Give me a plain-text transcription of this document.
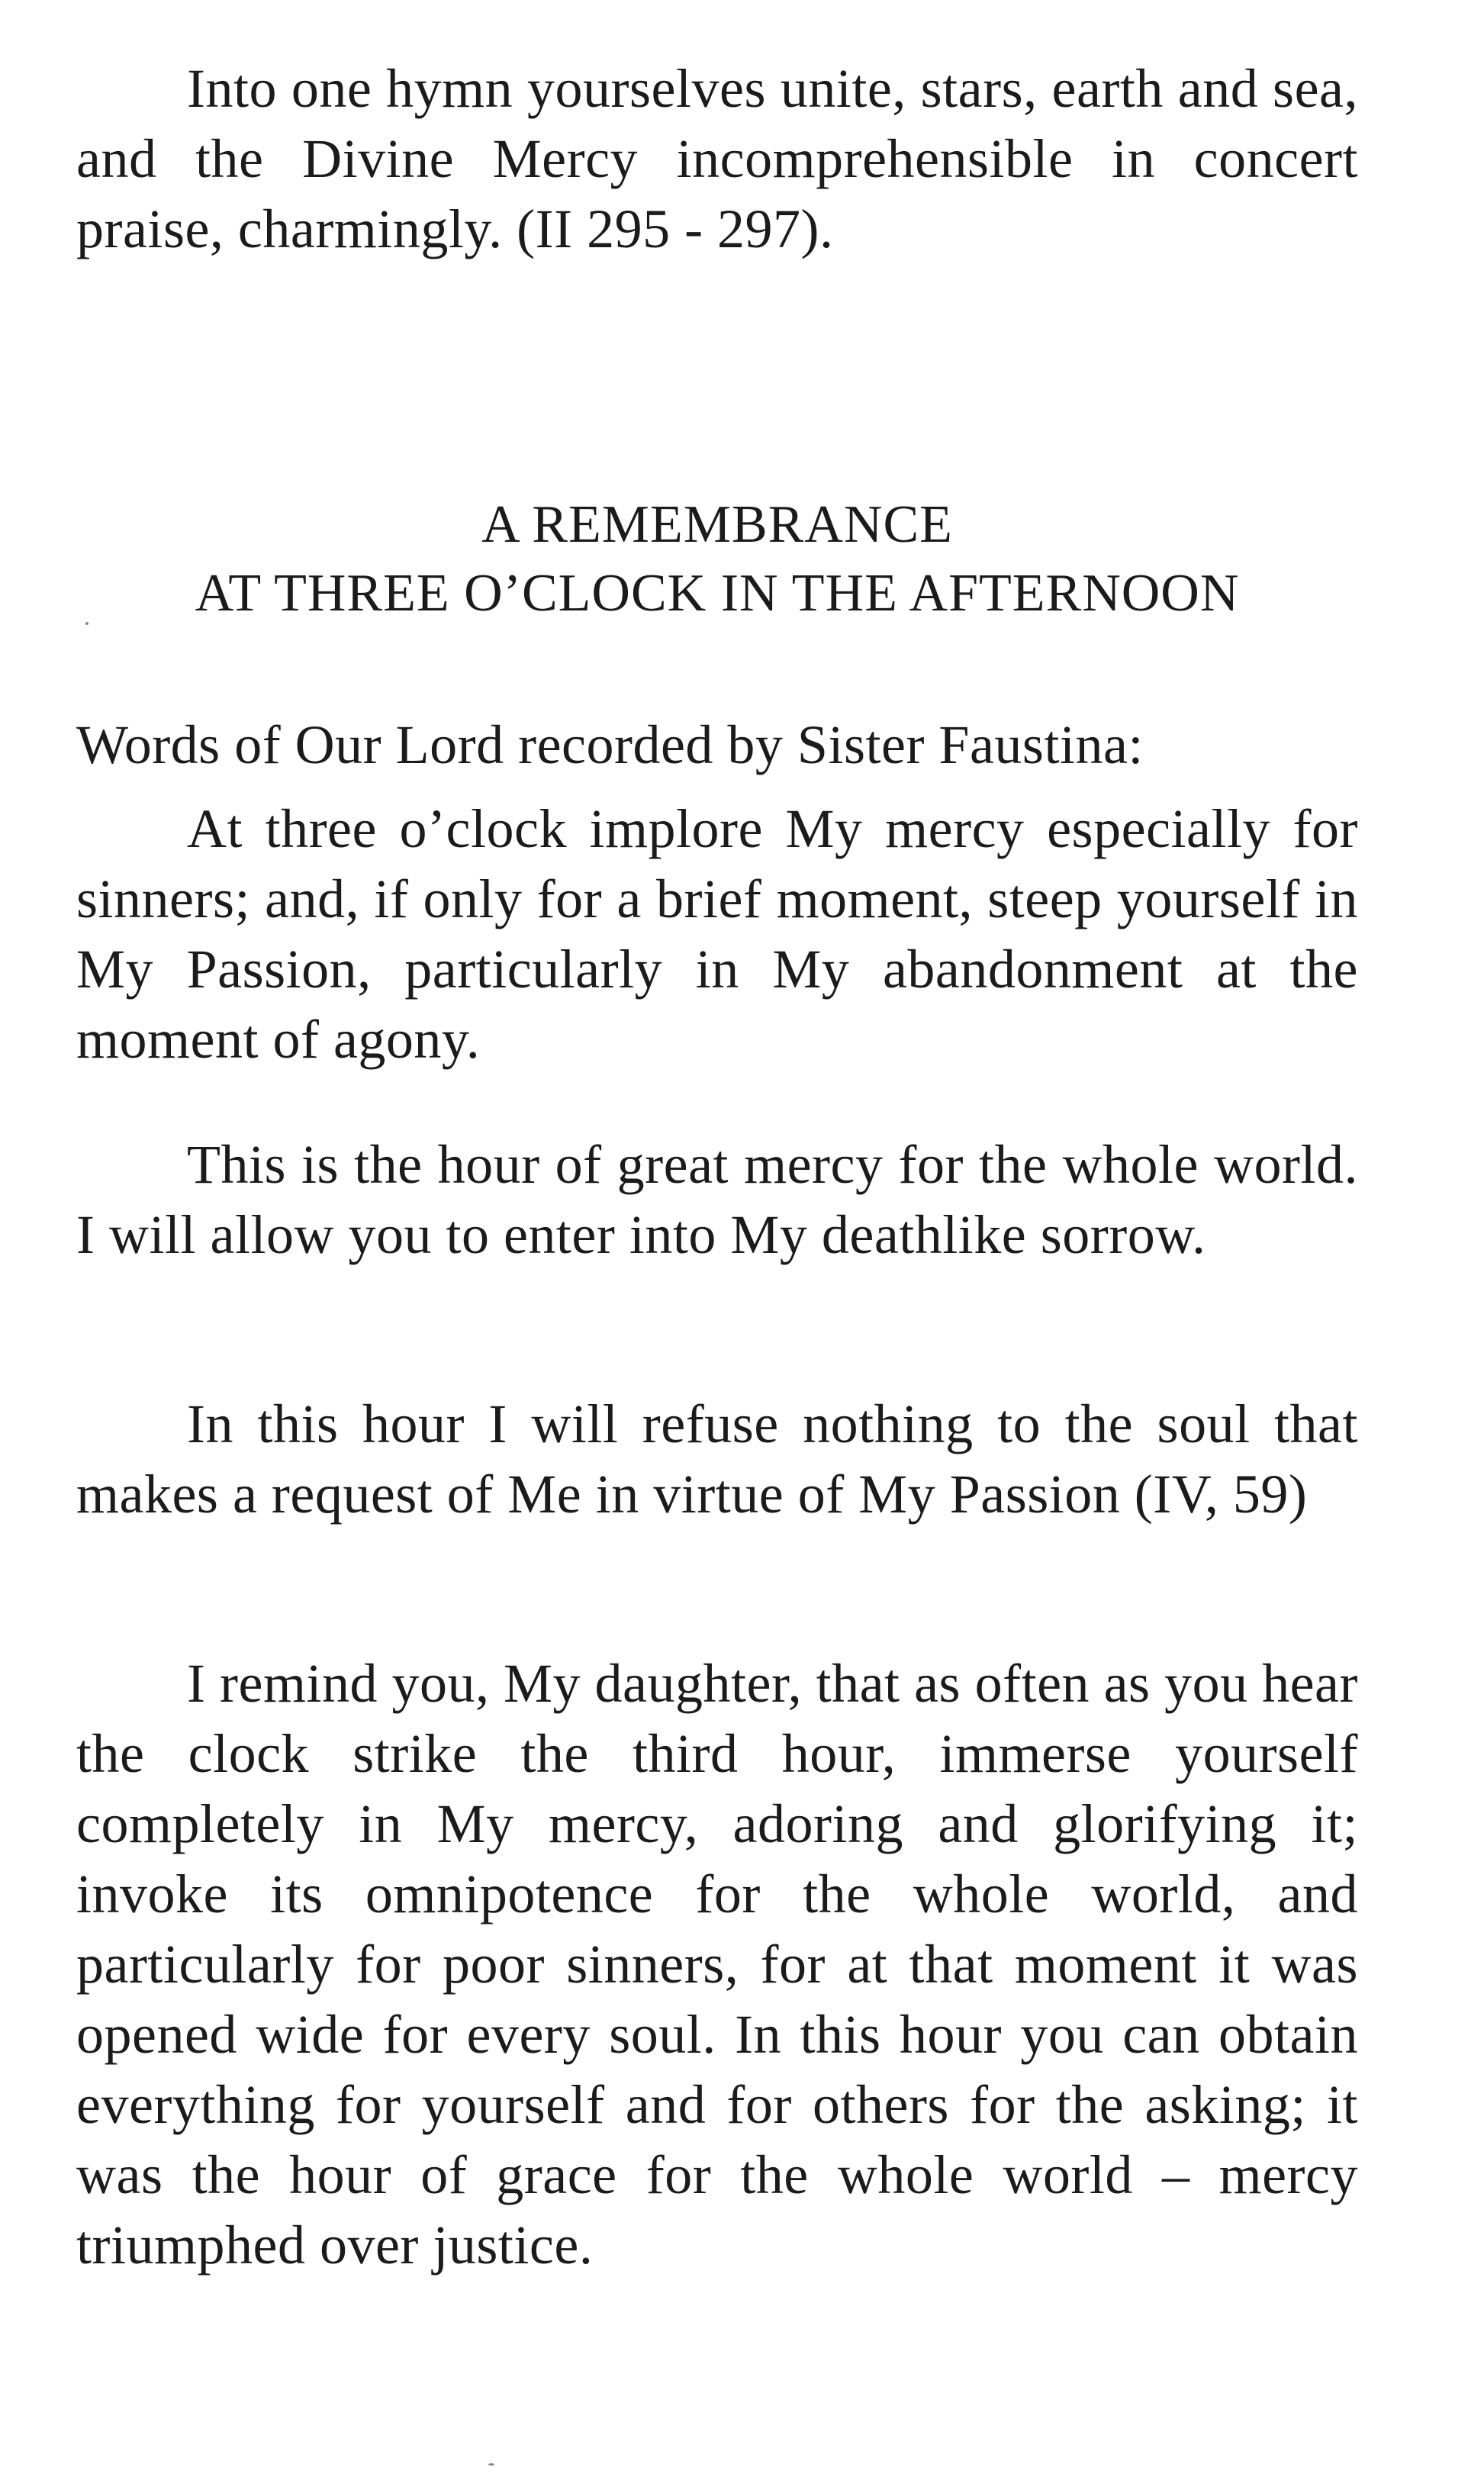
Into one hymn yourselves unite, stars, earth and sea, and the Divine Mercy incomprehensible in concert praise, charmingly. (II 295 - 297).

A REMEMBRANCE
AT THREE O’CLOCK IN THE AFTERNOON

Words of Our Lord recorded by Sister Faustina:

At three o’clock implore My mercy especially for sinners; and, if only for a brief moment, steep yourself in My Passion, particularly in My abandonment at the moment of agony.

This is the hour of great mercy for the whole world. I will allow you to enter into My deathlike sorrow.

In this hour I will refuse nothing to the soul that makes a request of Me in virtue of My Passion (IV, 59)

I remind you, My daughter, that as often as you hear the clock strike the third hour, immerse yourself completely in My mercy, adoring and glorifying it; invoke its omnipotence for the whole world, and particularly for poor sinners, for at that moment it was opened wide for every soul. In this hour you can obtain everything for yourself and for others for the asking; it was the hour of grace for the whole world – mercy triumphed over justice.
